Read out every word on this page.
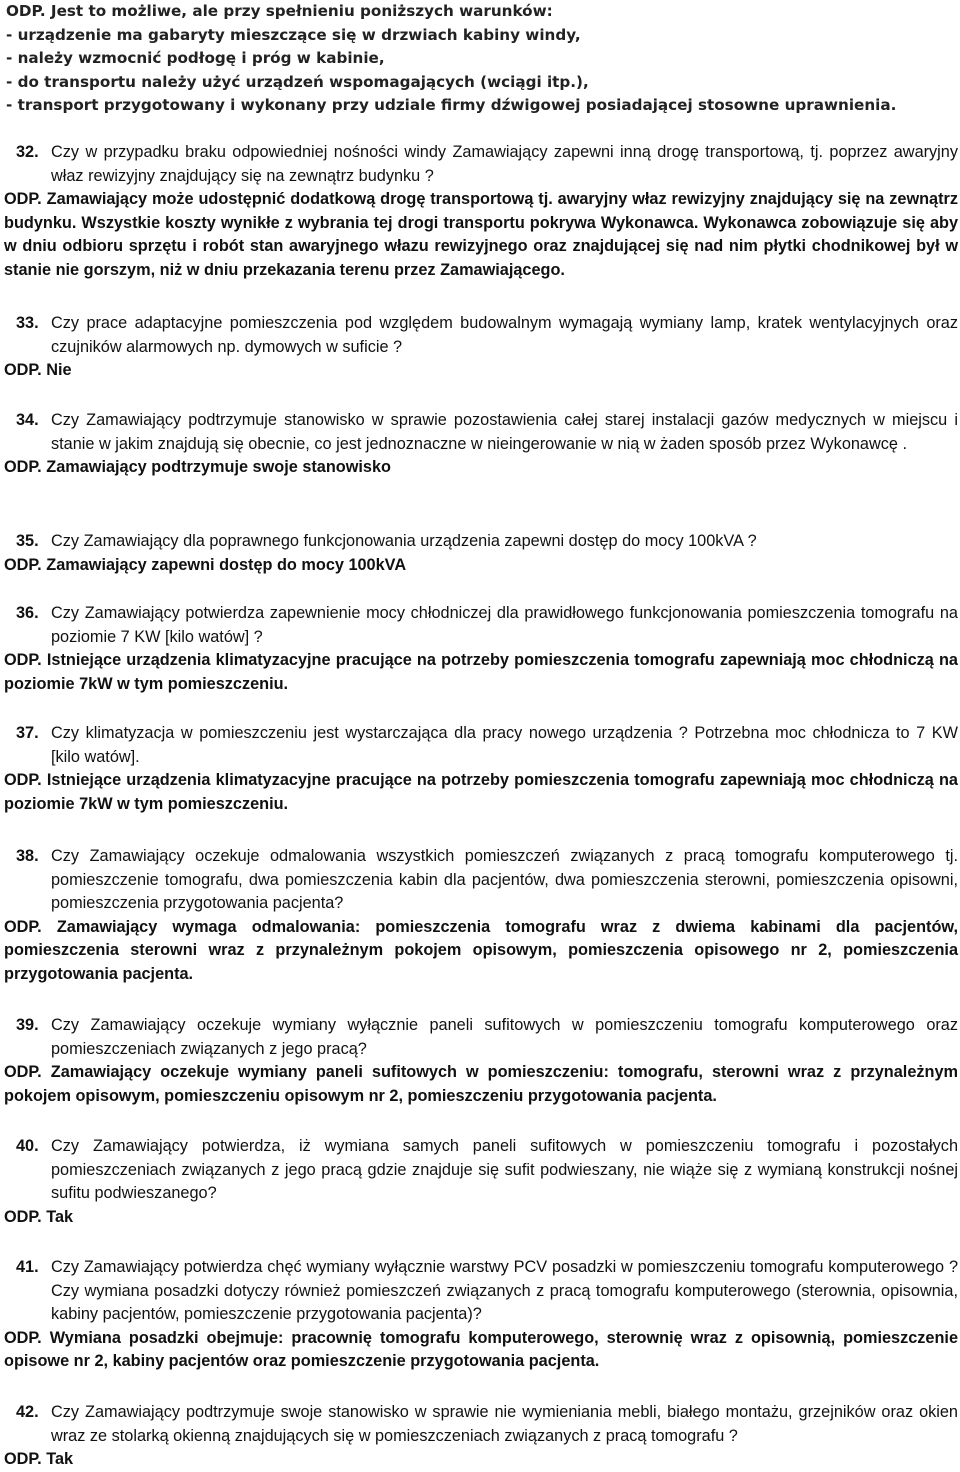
ODP. Jest to możliwe, ale przy spełnieniu poniższych warunków:
- urządzenie ma gabaryty mieszczące się w drzwiach kabiny windy,
- należy wzmocnić podłogę i próg w kabinie,
- do transportu należy użyć urządzeń wspomagających (wciągi itp.),
- transport przygotowany i wykonany przy udziale firmy dźwigowej posiadającej stosowne uprawnienia.
32. Czy w przypadku braku odpowiedniej nośności windy Zamawiający zapewni inną drogę transportową, tj. poprzez awaryjny właz rewizyjny znajdujący się na zewnątrz budynku ?
ODP. Zamawiający może udostępnić dodatkową drogę transportową tj. awaryjny właz rewizyjny znajdujący się na zewnątrz budynku. Wszystkie koszty wynikłe z wybrania tej drogi transportu pokrywa Wykonawca. Wykonawca zobowiązuje się aby w dniu odbioru sprzętu i robót stan awaryjnego włazu rewizyjnego oraz znajdującej się nad nim płytki chodnikowej był w stanie nie gorszym, niż w dniu przekazania terenu przez Zamawiającego.
33. Czy prace adaptacyjne pomieszczenia pod względem budowalnym wymagają wymiany lamp, kratek wentylacyjnych oraz czujników alarmowych np. dymowych w suficie ?
ODP. Nie
34. Czy Zamawiający podtrzymuje stanowisko w sprawie pozostawienia całej starej instalacji gazów medycznych w miejscu i stanie w jakim znajdują się obecnie, co jest jednoznaczne w nieingerowanie w nią w żaden sposób przez Wykonawcę .
ODP. Zamawiający podtrzymuje swoje stanowisko
35. Czy Zamawiający dla poprawnego funkcjonowania urządzenia zapewni dostęp do mocy 100kVA ?
ODP. Zamawiający zapewni dostęp do mocy 100kVA
36. Czy Zamawiający potwierdza zapewnienie mocy chłodniczej dla prawidłowego funkcjonowania pomieszczenia tomografu na poziomie 7 KW [kilo watów] ?
ODP. Istniejące urządzenia klimatyzacyjne pracujące na potrzeby pomieszczenia tomografu zapewniają moc chłodniczą na poziomie 7kW w tym pomieszczeniu.
37. Czy klimatyzacja w pomieszczeniu jest wystarczająca dla pracy nowego urządzenia ? Potrzebna moc chłodnicza to 7 KW [kilo watów].
ODP. Istniejące urządzenia klimatyzacyjne pracujące na potrzeby pomieszczenia tomografu zapewniają moc chłodniczą na poziomie 7kW w tym pomieszczeniu.
38. Czy Zamawiający oczekuje odmalowania wszystkich pomieszczeń związanych z pracą tomografu komputerowego tj. pomieszczenie tomografu, dwa pomieszczenia kabin dla pacjentów, dwa pomieszczenia sterowni, pomieszczenia opisowni, pomieszczenia przygotowania pacjenta?
ODP. Zamawiający wymaga odmalowania: pomieszczenia tomografu wraz z dwiema kabinami dla pacjentów, pomieszczenia sterowni wraz z przynależnym pokojem opisowym, pomieszczenia opisowego nr 2, pomieszczenia przygotowania pacjenta.
39. Czy Zamawiający oczekuje wymiany wyłącznie paneli sufitowych w pomieszczeniu tomografu komputerowego oraz pomieszczeniach związanych z jego pracą?
ODP. Zamawiający oczekuje wymiany paneli sufitowych w pomieszczeniu: tomografu, sterowni wraz z przynależnym pokojem opisowym, pomieszczeniu opisowym nr 2, pomieszczeniu przygotowania pacjenta.
40. Czy Zamawiający potwierdza, iż wymiana samych paneli sufitowych w pomieszczeniu tomografu i pozostałych pomieszczeniach związanych z jego pracą gdzie znajduje się sufit podwieszany, nie wiąże się z wymianą konstrukcji nośnej sufitu podwieszanego?
ODP. Tak
41. Czy Zamawiający potwierdza chęć wymiany wyłącznie warstwy PCV posadzki w pomieszczeniu tomografu komputerowego ? Czy wymiana posadzki dotyczy również pomieszczeń związanych z pracą tomografu komputerowego (sterownia, opisownia, kabiny pacjentów, pomieszczenie przygotowania pacjenta)?
ODP. Wymiana posadzki obejmuje: pracownię tomografu komputerowego, sterownię wraz z opisownią, pomieszczenie opisowe nr 2, kabiny pacjentów oraz pomieszczenie przygotowania pacjenta.
42. Czy Zamawiający podtrzymuje swoje stanowisko w sprawie nie wymieniania mebli, białego montażu, grzejników oraz okien wraz ze stolarką okienną znajdujących się w pomieszczeniach związanych z pracą tomografu ?
ODP. Tak
